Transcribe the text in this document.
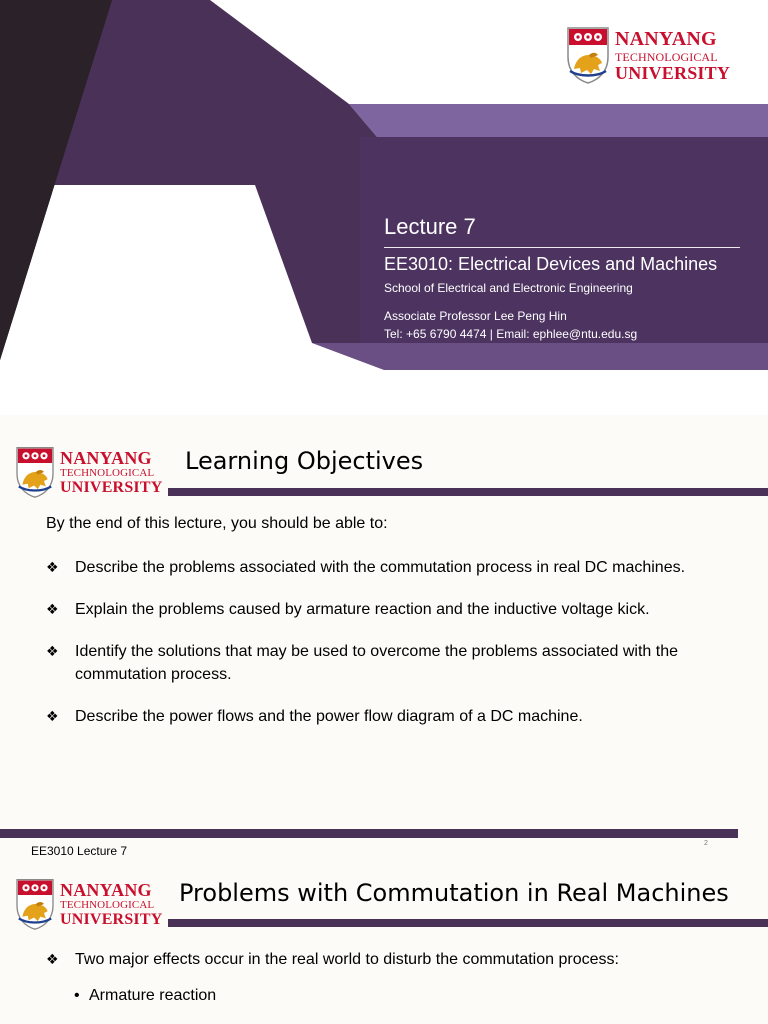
NANYANG
TECHNOLOGICAL
UNIVERSITY
Lecture 7
EE3010: Electrical Devices and Machines
School of Electrical and Electronic Engineering
Associate Professor Lee Peng Hin
Tel: +65 6790 4474 | Email: ephlee@ntu.edu.sg
NANYANG
TECHNOLOGICAL
UNIVERSITY
Learning Objectives
By the end of this lecture, you should be able to:
❖	Describe the problems associated with the commutation process in real DC machines.
❖	Explain the problems caused by armature reaction and the inductive voltage kick.
❖	Identify the solutions that may be used to overcome the problems associated with the commutation process.
❖	Describe the power flows and the power flow diagram of a DC machine.
EE3010 Lecture 7
2
NANYANG
TECHNOLOGICAL
UNIVERSITY
Problems with Commutation in Real Machines
❖	Two major effects occur in the real world to disturb the commutation process:
• Armature reaction
